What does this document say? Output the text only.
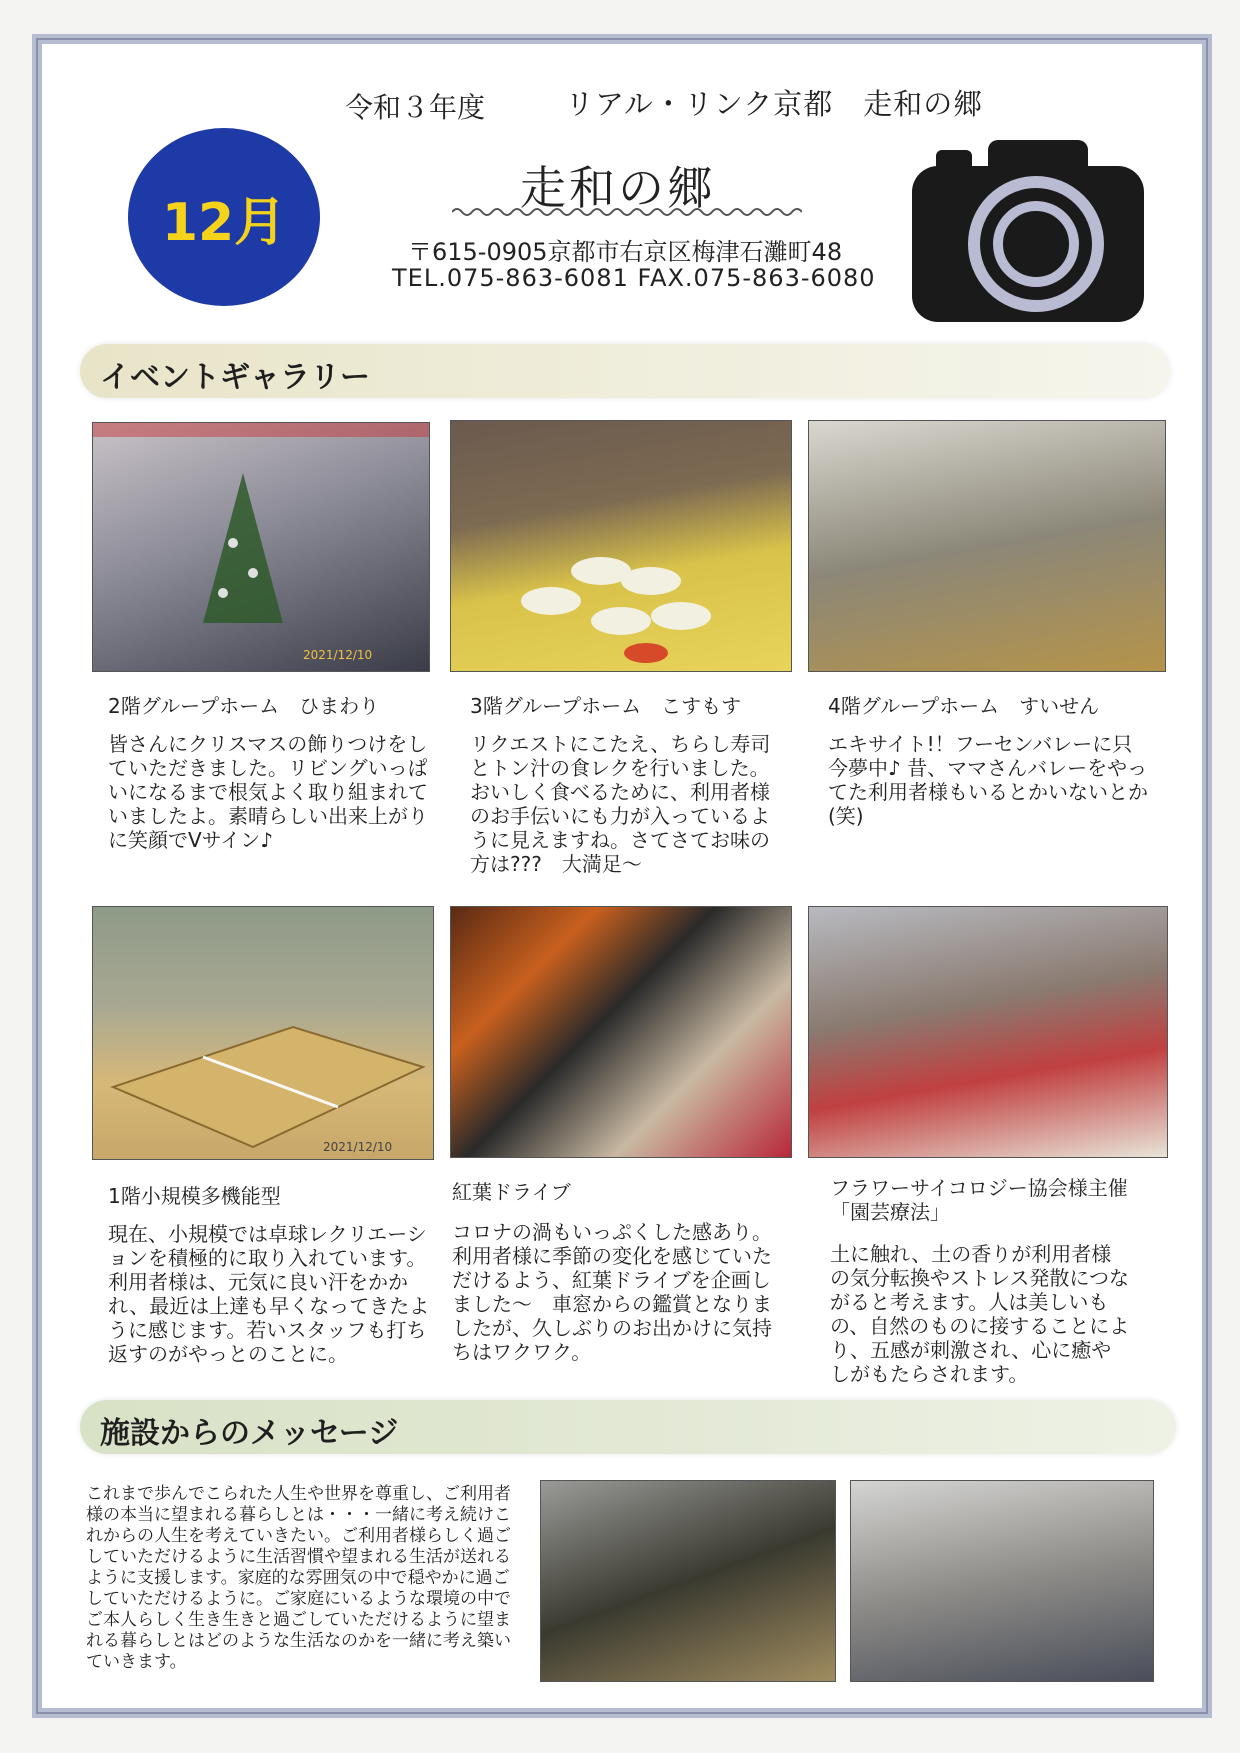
令和３年度	リアル・リンク京都　走和の郷
12月
走和の郷
〒615-0905京都市右京区梅津石灘町48
TEL.075-863-6081 FAX.075-863-6080
イベントギャラリー
2021/12/10
2階グループホーム　ひまわり
皆さんにクリスマスの飾りつけをしていただきました。リビングいっぱいになるまで根気よく取り組まれていましたよ。素晴らしい出来上がりに笑顔でVサイン♪
3階グループホーム　こすもす
リクエストにこたえ、ちらし寿司とトン汁の食レクを行いました。おいしく食べるために、利用者様のお手伝いにも力が入っているように見えますね。さてさてお味の方は???　大満足～
4階グループホーム　すいせん
エキサイト!！フーセンバレーに只今夢中♪ 昔、ママさんバレーをやってた利用者様もいるとかいないとか(笑)
2021/12/10
1階小規模多機能型
現在、小規模では卓球レクリエーションを積極的に取り入れています。利用者様は、元気に良い汗をかかれ、最近は上達も早くなってきたように感じます。若いスタッフも打ち返すのがやっとのことに。
紅葉ドライブ
コロナの渦もいっぷくした感あり。利用者様に季節の変化を感じていただけるよう、紅葉ドライブを企画しました～　車窓からの鑑賞となりましたが、久しぶりのお出かけに気持ちはワクワク。
フラワーサイコロジー協会様主催「園芸療法」
土に触れ、土の香りが利用者様の気分転換やストレス発散につながると考えます。人は美しいもの、自然のものに接することにより、五感が刺激され、心に癒やしがもたらされます。
施設からのメッセージ
これまで歩んでこられた人生や世界を尊重し、ご利用者様の本当に望まれる暮らしとは・・・一緒に考え続けこれからの人生を考えていきたい。ご利用者様らしく過ごしていただけるように生活習慣や望まれる生活が送れるように支援します。家庭的な雰囲気の中で穏やかに過ごしていただけるように。ご家庭にいるような環境の中でご本人らしく生き生きと過ごしていただけるように望まれる暮らしとはどのような生活なのかを一緒に考え築いていきます。
